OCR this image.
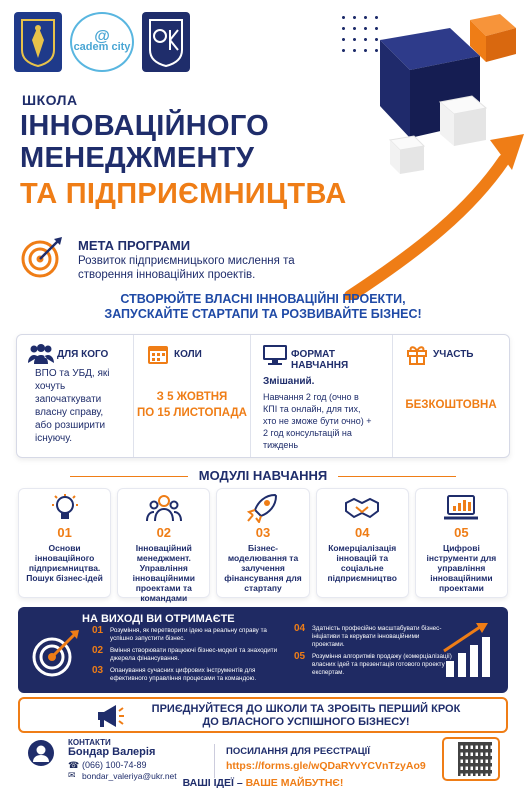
@
cadem city
ШКОЛА
ІННОВАЦІЙНОГО
МЕНЕДЖМЕНТУ
ТА ПІДПРИЄМНИЦТВА
МЕТА ПРОГРАМИ
Розвиток підприємницького мислення та створення інноваційних проектів.
СТВОРЮЙТЕ ВЛАСНІ ІННОВАЦІЙНІ ПРОЕКТИ,
ЗАПУСКАЙТЕ СТАРТАПИ ТА РОЗВИВАЙТЕ БІЗНЕС!
ДЛЯ КОГО
ВПО та УБД, які хочуть започаткувати власну справу, або розширити існуючу.
КОЛИ
З 5 ЖОВТНЯ
ПО 15 ЛИСТОПАДА
ФОРМАТ НАВЧАННЯ
Змішаний.
Навчання 2 год (очно в КПІ та онлайн, для тих, хто не зможе бути очно) + 2 год консультацій на тиждень
УЧАСТЬ
БЕЗКОШТОВНА
МОДУЛІ НАВЧАННЯ
01
Основи інноваційного підприємництва. Пошук бізнес-ідей
02
Інноваційний менеджмент. Управління інноваційними проектами та командами
03
Бізнес-моделювання та залучення фінансування для стартапу
04
Комерціалізація інновацій та соціальне підприємництво
05
Цифрові інструменти для управління інноваційними проектами
НА ВИХОДІ ВИ ОТРИМАЄТЕ
01 Розуміння, як перетворити ідею на реальну справу та успішно запустити бізнес.
02 Вміння створювати працюючі бізнес-моделі та знаходити джерела фінансування.
03 Опанування сучасних цифрових інструментів для ефективного управління процесами та командою.
04 Здатність професійно масштабувати бізнес-ініціативи та керувати інноваційними проектами.
05 Розуміння алгоритмів продажу (комерціалізації) власних ідей та презентація готового проекту експертам.
ПРИЄДНУЙТЕСЯ ДО ШКОЛИ ТА ЗРОБІТЬ ПЕРШИЙ КРОК
ДО ВЛАСНОГО УСПІШНОГО БІЗНЕСУ!
КОНТАКТИ
Бондар Валерія
☎ (066) 100-74-89
✉ bondar_valeriya@ukr.net
ПОСИЛАННЯ ДЛЯ РЕЄСТРАЦІЇ
https://forms.gle/wQDaRYvYCVnTzyAo9
ВАШІ ІДЕЇ – ВАШЕ МАЙБУТНЄ!
